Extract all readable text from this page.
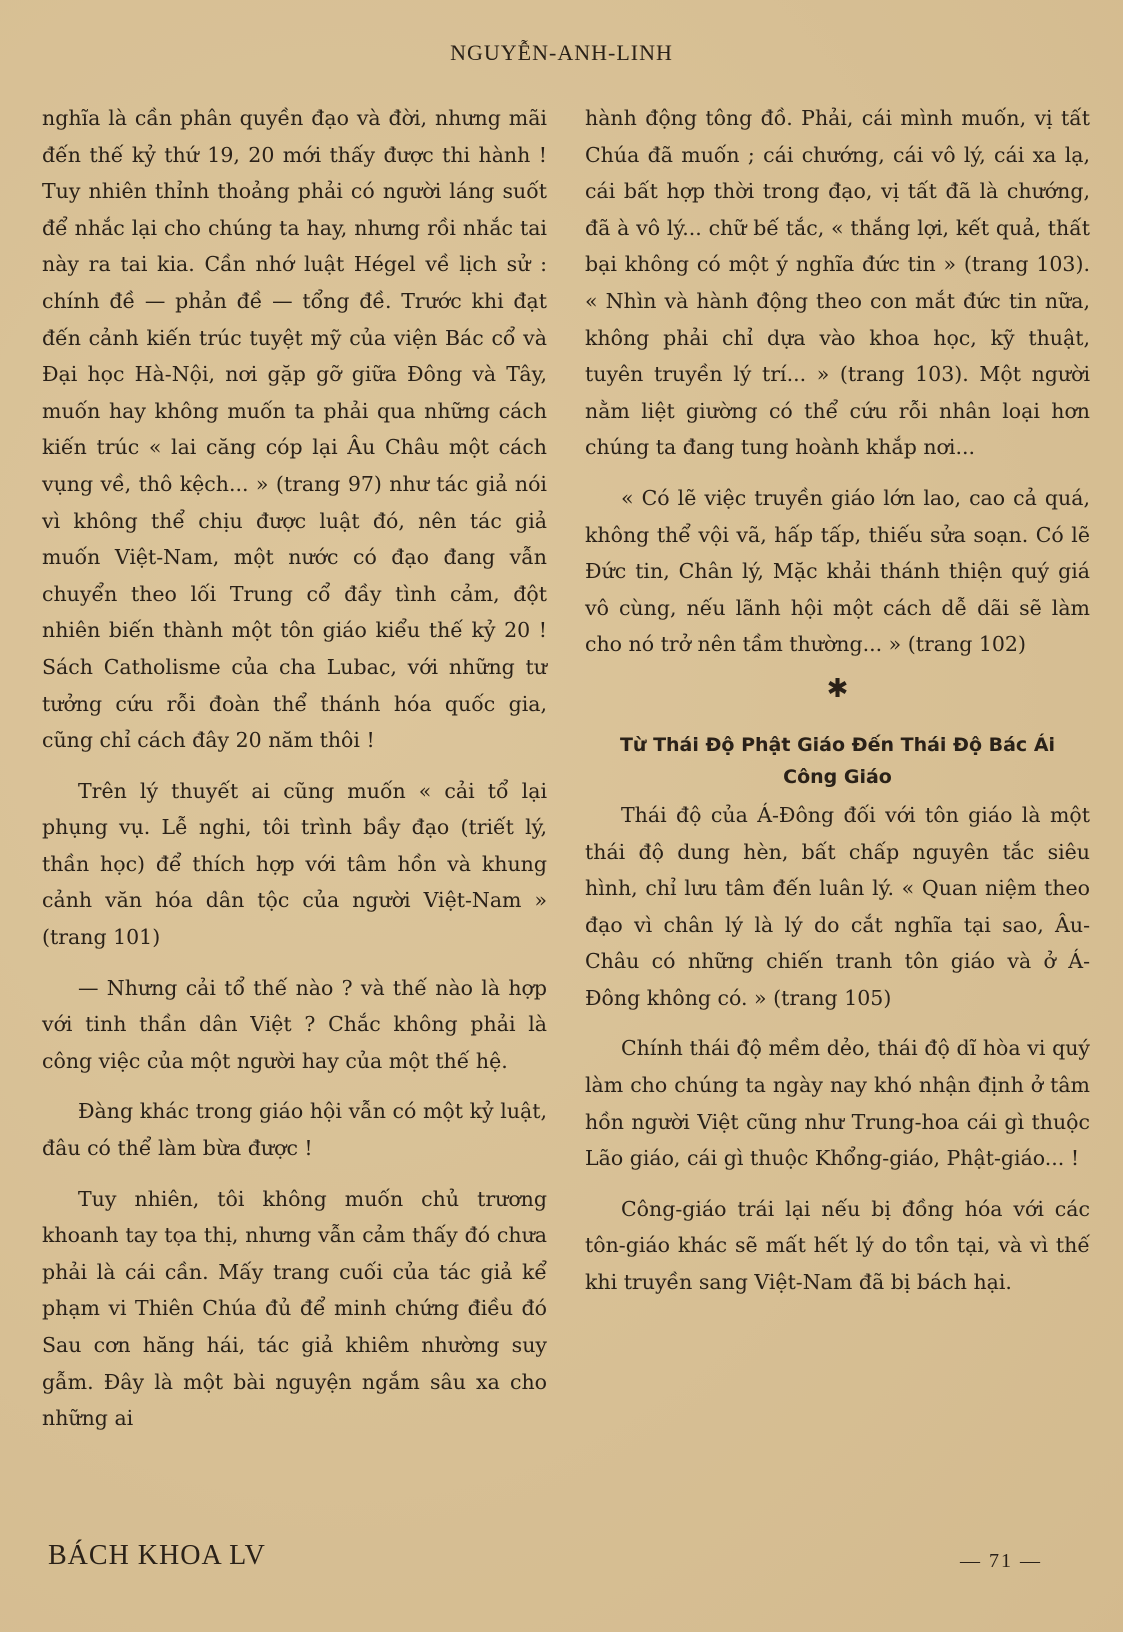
NGUYỄN-ANH-LINH

nghĩa là cần phân quyền đạo và đời, nhưng mãi đến thế kỷ thứ 19, 20 mới thấy được thi hành ! Tuy nhiên thỉnh thoảng phải có người láng suốt để nhắc lại cho chúng ta hay, nhưng rồi nhắc tai này ra tai kia. Cần nhớ luật Hégel về lịch sử : chính đề — phản đề — tổng đề. Trước khi đạt đến cảnh kiến trúc tuyệt mỹ của viện Bác cổ và Đại học Hà-Nội, nơi gặp gỡ giữa Đông và Tây, muốn hay không muốn ta phải qua những cách kiến trúc « lai căng cóp lại Âu Châu một cách vụng về, thô kệch... » (trang 97) như tác giả nói vì không thể chịu được luật đó, nên tác giả muốn Việt-Nam, một nước có đạo đang vẫn chuyển theo lối Trung cổ đầy tình cảm, đột nhiên biến thành một tôn giáo kiểu thế kỷ 20 ! Sách Catholisme của cha Lubac, với những tư tưởng cứu rỗi đoàn thể thánh hóa quốc gia, cũng chỉ cách đây 20 năm thôi !

Trên lý thuyết ai cũng muốn « cải tổ lại phụng vụ. Lễ nghi, tôi trình bầy đạo (triết lý, thần học) để thích hợp với tâm hồn và khung cảnh văn hóa dân tộc của người Việt-Nam » (trang 101)

— Nhưng cải tổ thế nào ? và thế nào là hợp với tinh thần dân Việt ? Chắc không phải là công việc của một người hay của một thế hệ.

Đàng khác trong giáo hội vẫn có một kỷ luật, đâu có thể làm bừa được !

Tuy nhiên, tôi không muốn chủ trương khoanh tay tọa thị, nhưng vẫn cảm thấy đó chưa phải là cái cần. Mấy trang cuối của tác giả kể phạm vi Thiên Chúa đủ để minh chứng điều đó Sau cơn hăng hái, tác giả khiêm nhường suy gẫm. Đây là một bài nguyện ngắm sâu xa cho những ai

hành động tông đồ. Phải, cái mình muốn, vị tất Chúa đã muốn ; cái chướng, cái vô lý, cái xa lạ, cái bất hợp thời trong đạo, vị tất đã là chướng, đã à vô lý... chữ bế tắc, « thắng lợi, kết quả, thất bại không có một ý nghĩa đức tin » (trang 103). « Nhìn và hành động theo con mắt đức tin nữa, không phải chỉ dựa vào khoa học, kỹ thuật, tuyên truyền lý trí... » (trang 103). Một người nằm liệt giường có thể cứu rỗi nhân loại hơn chúng ta đang tung hoành khắp nơi...

« Có lẽ việc truyền giáo lớn lao, cao cả quá, không thể vội vã, hấp tấp, thiếu sửa soạn. Có lẽ Đức tin, Chân lý, Mặc khải thánh thiện quý giá vô cùng, nếu lãnh hội một cách dễ dãi sẽ làm cho nó trở nên tầm thường... » (trang 102)

✱
Từ Thái Độ Phật Giáo Đến Thái Độ Bác Ái
Công Giáo

Thái độ của Á-Đông đối với tôn giáo là một thái độ dung hèn, bất chấp nguyên tắc siêu hình, chỉ lưu tâm đến luân lý. « Quan niệm theo đạo vì chân lý là lý do cắt nghĩa tại sao, Âu-Châu có những chiến tranh tôn giáo và ở Á-Đông không có. » (trang 105)

Chính thái độ mềm dẻo, thái độ dĩ hòa vi quý làm cho chúng ta ngày nay khó nhận định ở tâm hồn người Việt cũng như Trung-hoa cái gì thuộc Lão giáo, cái gì thuộc Khổng-giáo, Phật-giáo... !

Công-giáo trái lại nếu bị đồng hóa với các tôn-giáo khác sẽ mất hết lý do tồn tại, và vì thế khi truyền sang Việt-Nam đã bị bách hại.

BÁCH KHOA LV	— 71 —
